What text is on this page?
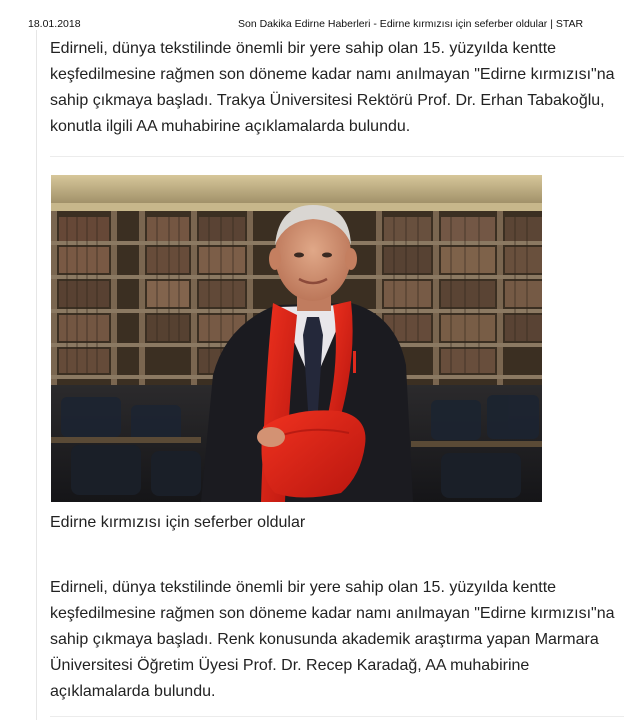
18.01.2018	Son Dakika Edirne Haberleri - Edirne kırmızısı için seferber oldular | STAR

Edirneli, dünya tekstilinde önemli bir yere sahip olan 15. yüzyılda kentte keşfedilmesine rağmen son döneme kadar namı anılmayan "Edirne kırmızısı"na sahip çıkmaya başladı. Trakya Üniversitesi Rektörü Prof. Dr. Erhan Tabakoğlu, konutla ilgili AA muhabirine açıklamalarda bulundu.

Edirne kırmızısı için seferber oldular

Edirneli, dünya tekstilinde önemli bir yere sahip olan 15. yüzyılda kentte keşfedilmesine rağmen son döneme kadar namı anılmayan "Edirne kırmızısı"na sahip çıkmaya başladı. Renk konusunda akademik araştırma yapan Marmara Üniversitesi Öğretim Üyesi Prof. Dr. Recep Karadağ, AA muhabirine açıklamalarda bulundu.
